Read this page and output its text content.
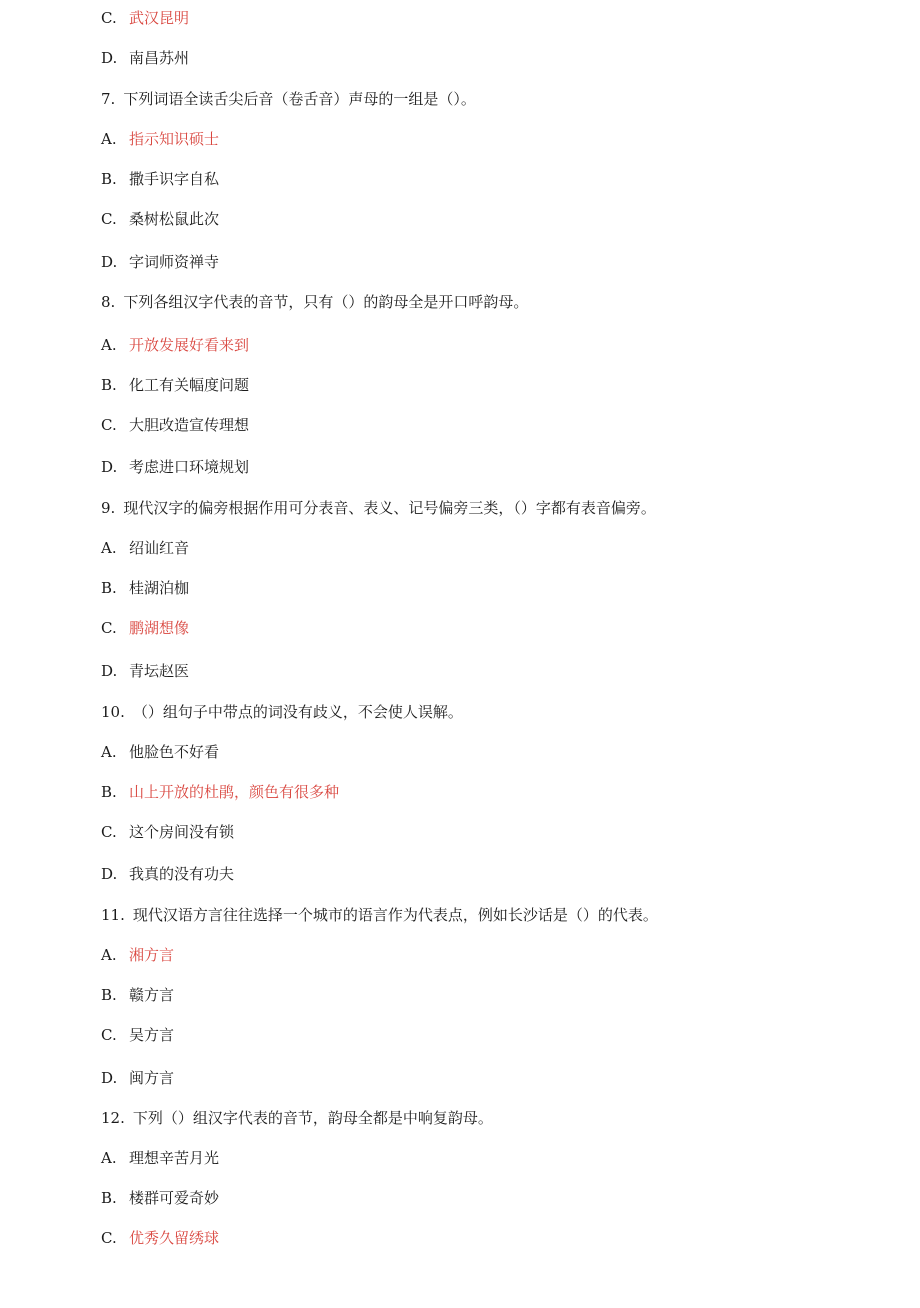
C. 武汉昆明
D. 南昌苏州
7. 下列词语全读舌尖后音（卷舌音）声母的一组是（）。
A. 指示知识硕士
B. 撒手识字自私
C. 桑树松鼠此次
D. 字词师资禅寺
8. 下列各组汉字代表的音节，只有（）的韵母全是开口呼韵母。
A. 开放发展好看来到
B. 化工有关幅度问题
C. 大胆改造宣传理想
D. 考虑进口环境规划
9. 现代汉字的偏旁根据作用可分表音、表义、记号偏旁三类，（）字都有表音偏旁。
A. 绍讪红音
B. 桂湖泊枷
C. 鹏湖想像
D. 青坛赵医
10. （）组句子中带点的词没有歧义，不会使人误解。
A. 他脸色不好看
B. 山上开放的杜鹃，颜色有很多种
C. 这个房间没有锁
D. 我真的没有功夫
11. 现代汉语方言往往选择一个城市的语言作为代表点，例如长沙话是（）的代表。
A. 湘方言
B. 赣方言
C. 吴方言
D. 闽方言
12. 下列（）组汉字代表的音节，韵母全都是中响复韵母。
A. 理想辛苦月光
B. 楼群可爱奇妙
C. 优秀久留绣球
